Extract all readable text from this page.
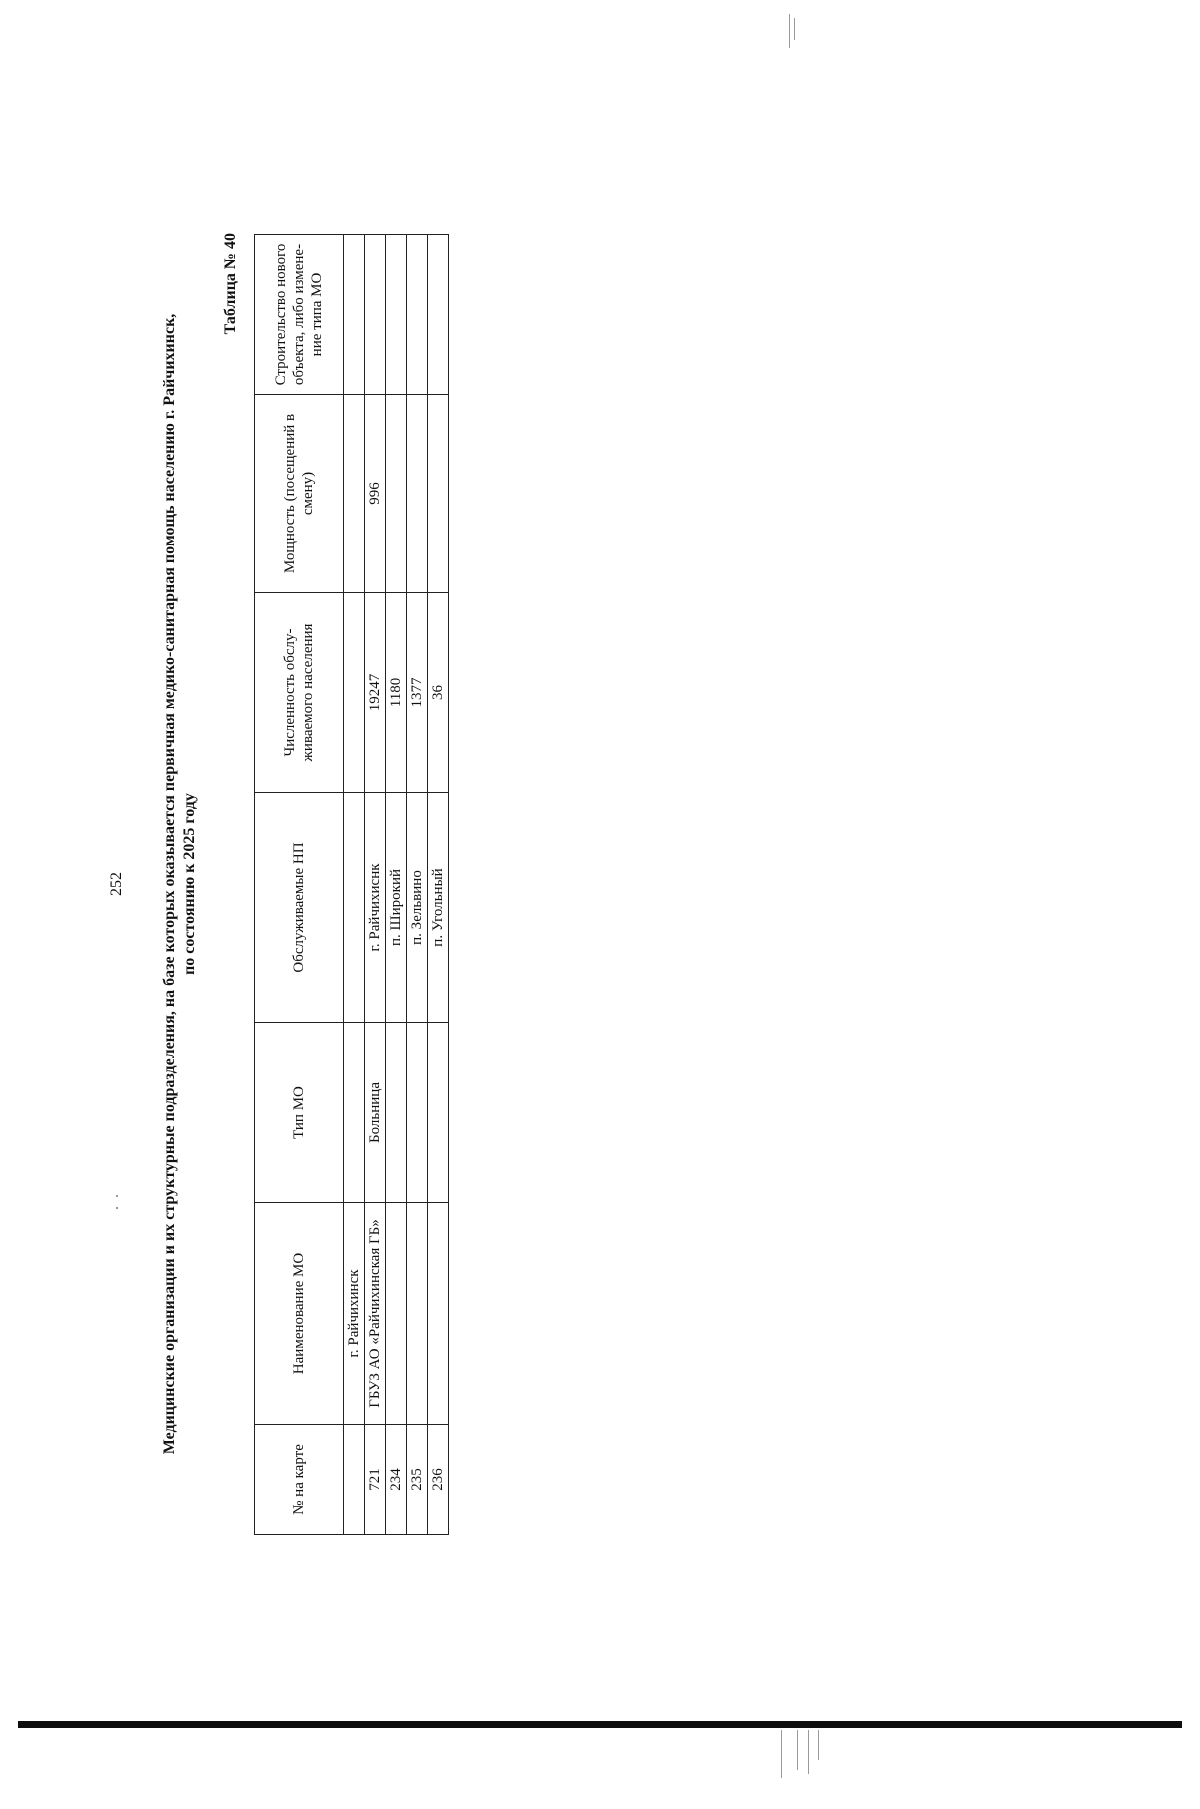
252 Медицинские организации и их структурные подразделения, на базе которых оказывается первичная медико-санитарная помощь населению г. Райчихинск, по состоянию к 2025 году
Таблица № 40
№ на карте	Наименование МО	Тип МО	Обслуживаемые НП	Численность обслу-живаемого населения	Мощность (посещений в смену)	Строительство нового объекта, либо измене-ние типа МО
	г. Райчихинск					
721	ГБУЗ АО «Райчихинская ГБ»	Больница	г. Райчихиснк	19247	996	
234			п. Широкий	1180		
235			п. Зельвино	1377		
236			п. Угольный	36		
